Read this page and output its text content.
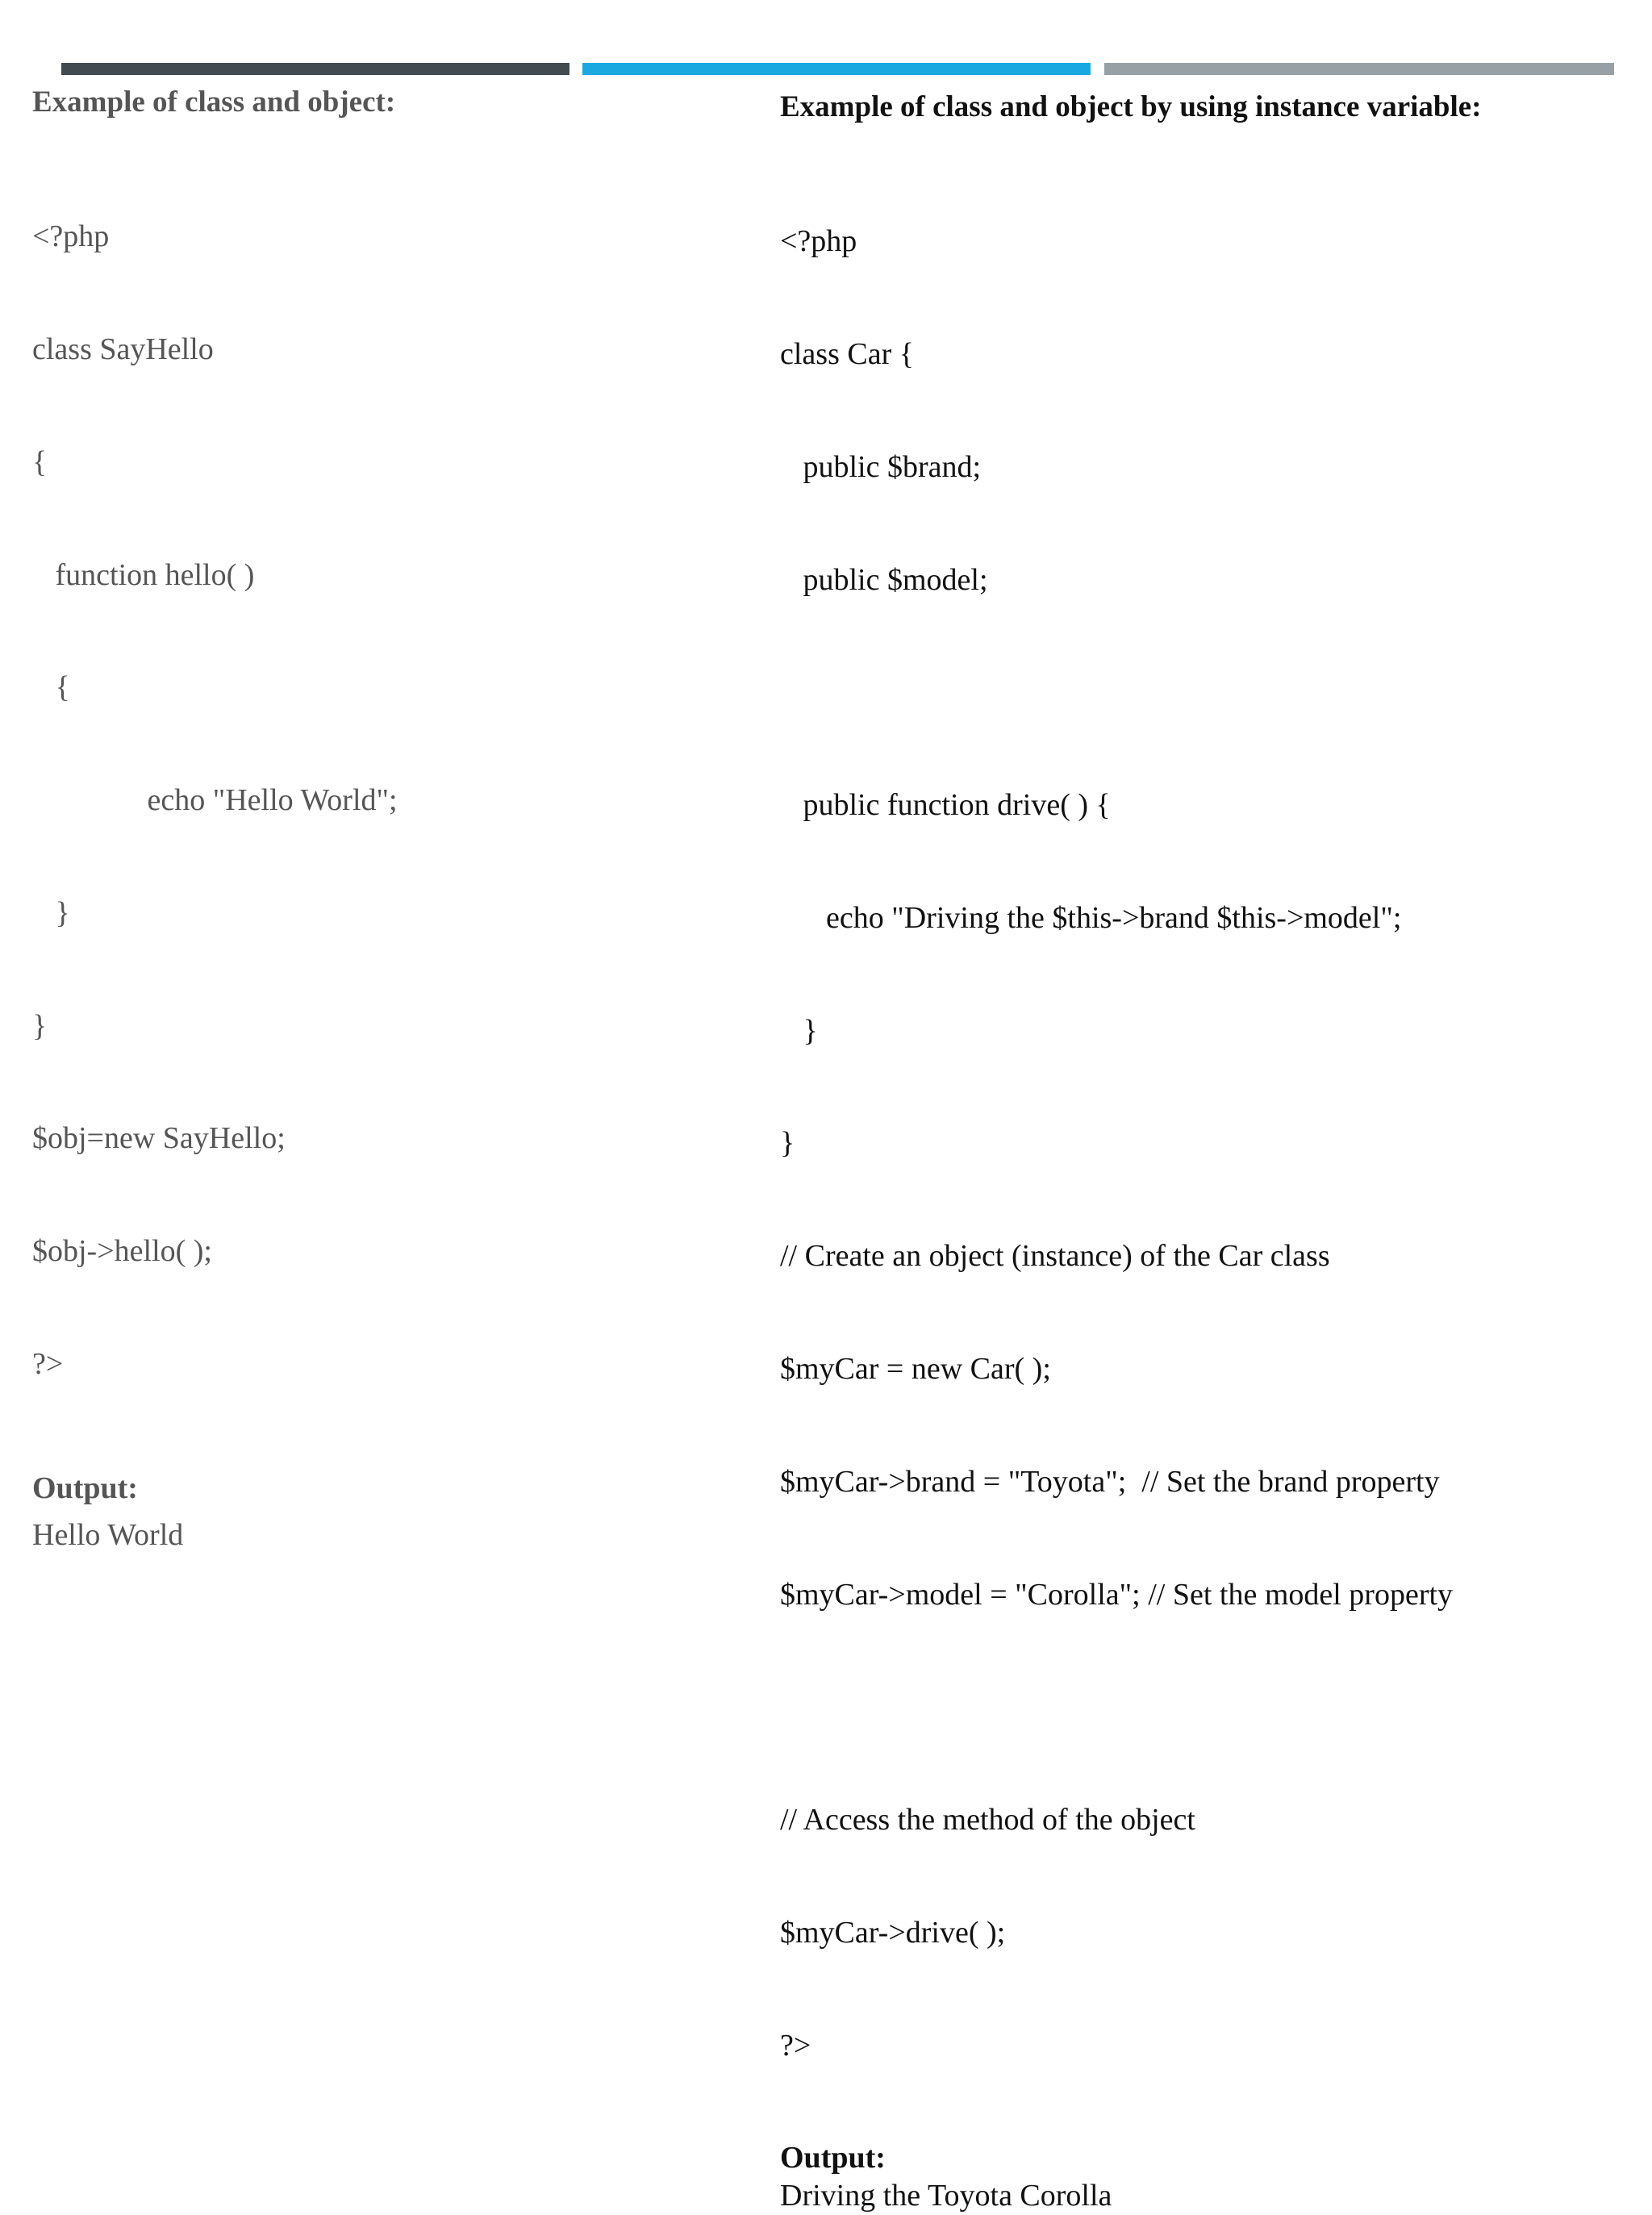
Example of class and object:

<?php

class SayHello

{

function hello( )

{

echo "Hello World";

}

}

$obj=new SayHello;

$obj->hello( );

?>

Output:
Hello World
Example of class and object by using instance variable:

<?php

class Car {

public $brand;

public $model;

public function drive( ) {

echo "Driving the $this->brand $this->model";

}

}

// Create an object (instance) of the Car class

$myCar = new Car( );

$myCar->brand = "Toyota";  // Set the brand property

$myCar->model = "Corolla"; // Set the model property

// Access the method of the object

$myCar->drive( );

?>

Output:
Driving the Toyota Corolla
